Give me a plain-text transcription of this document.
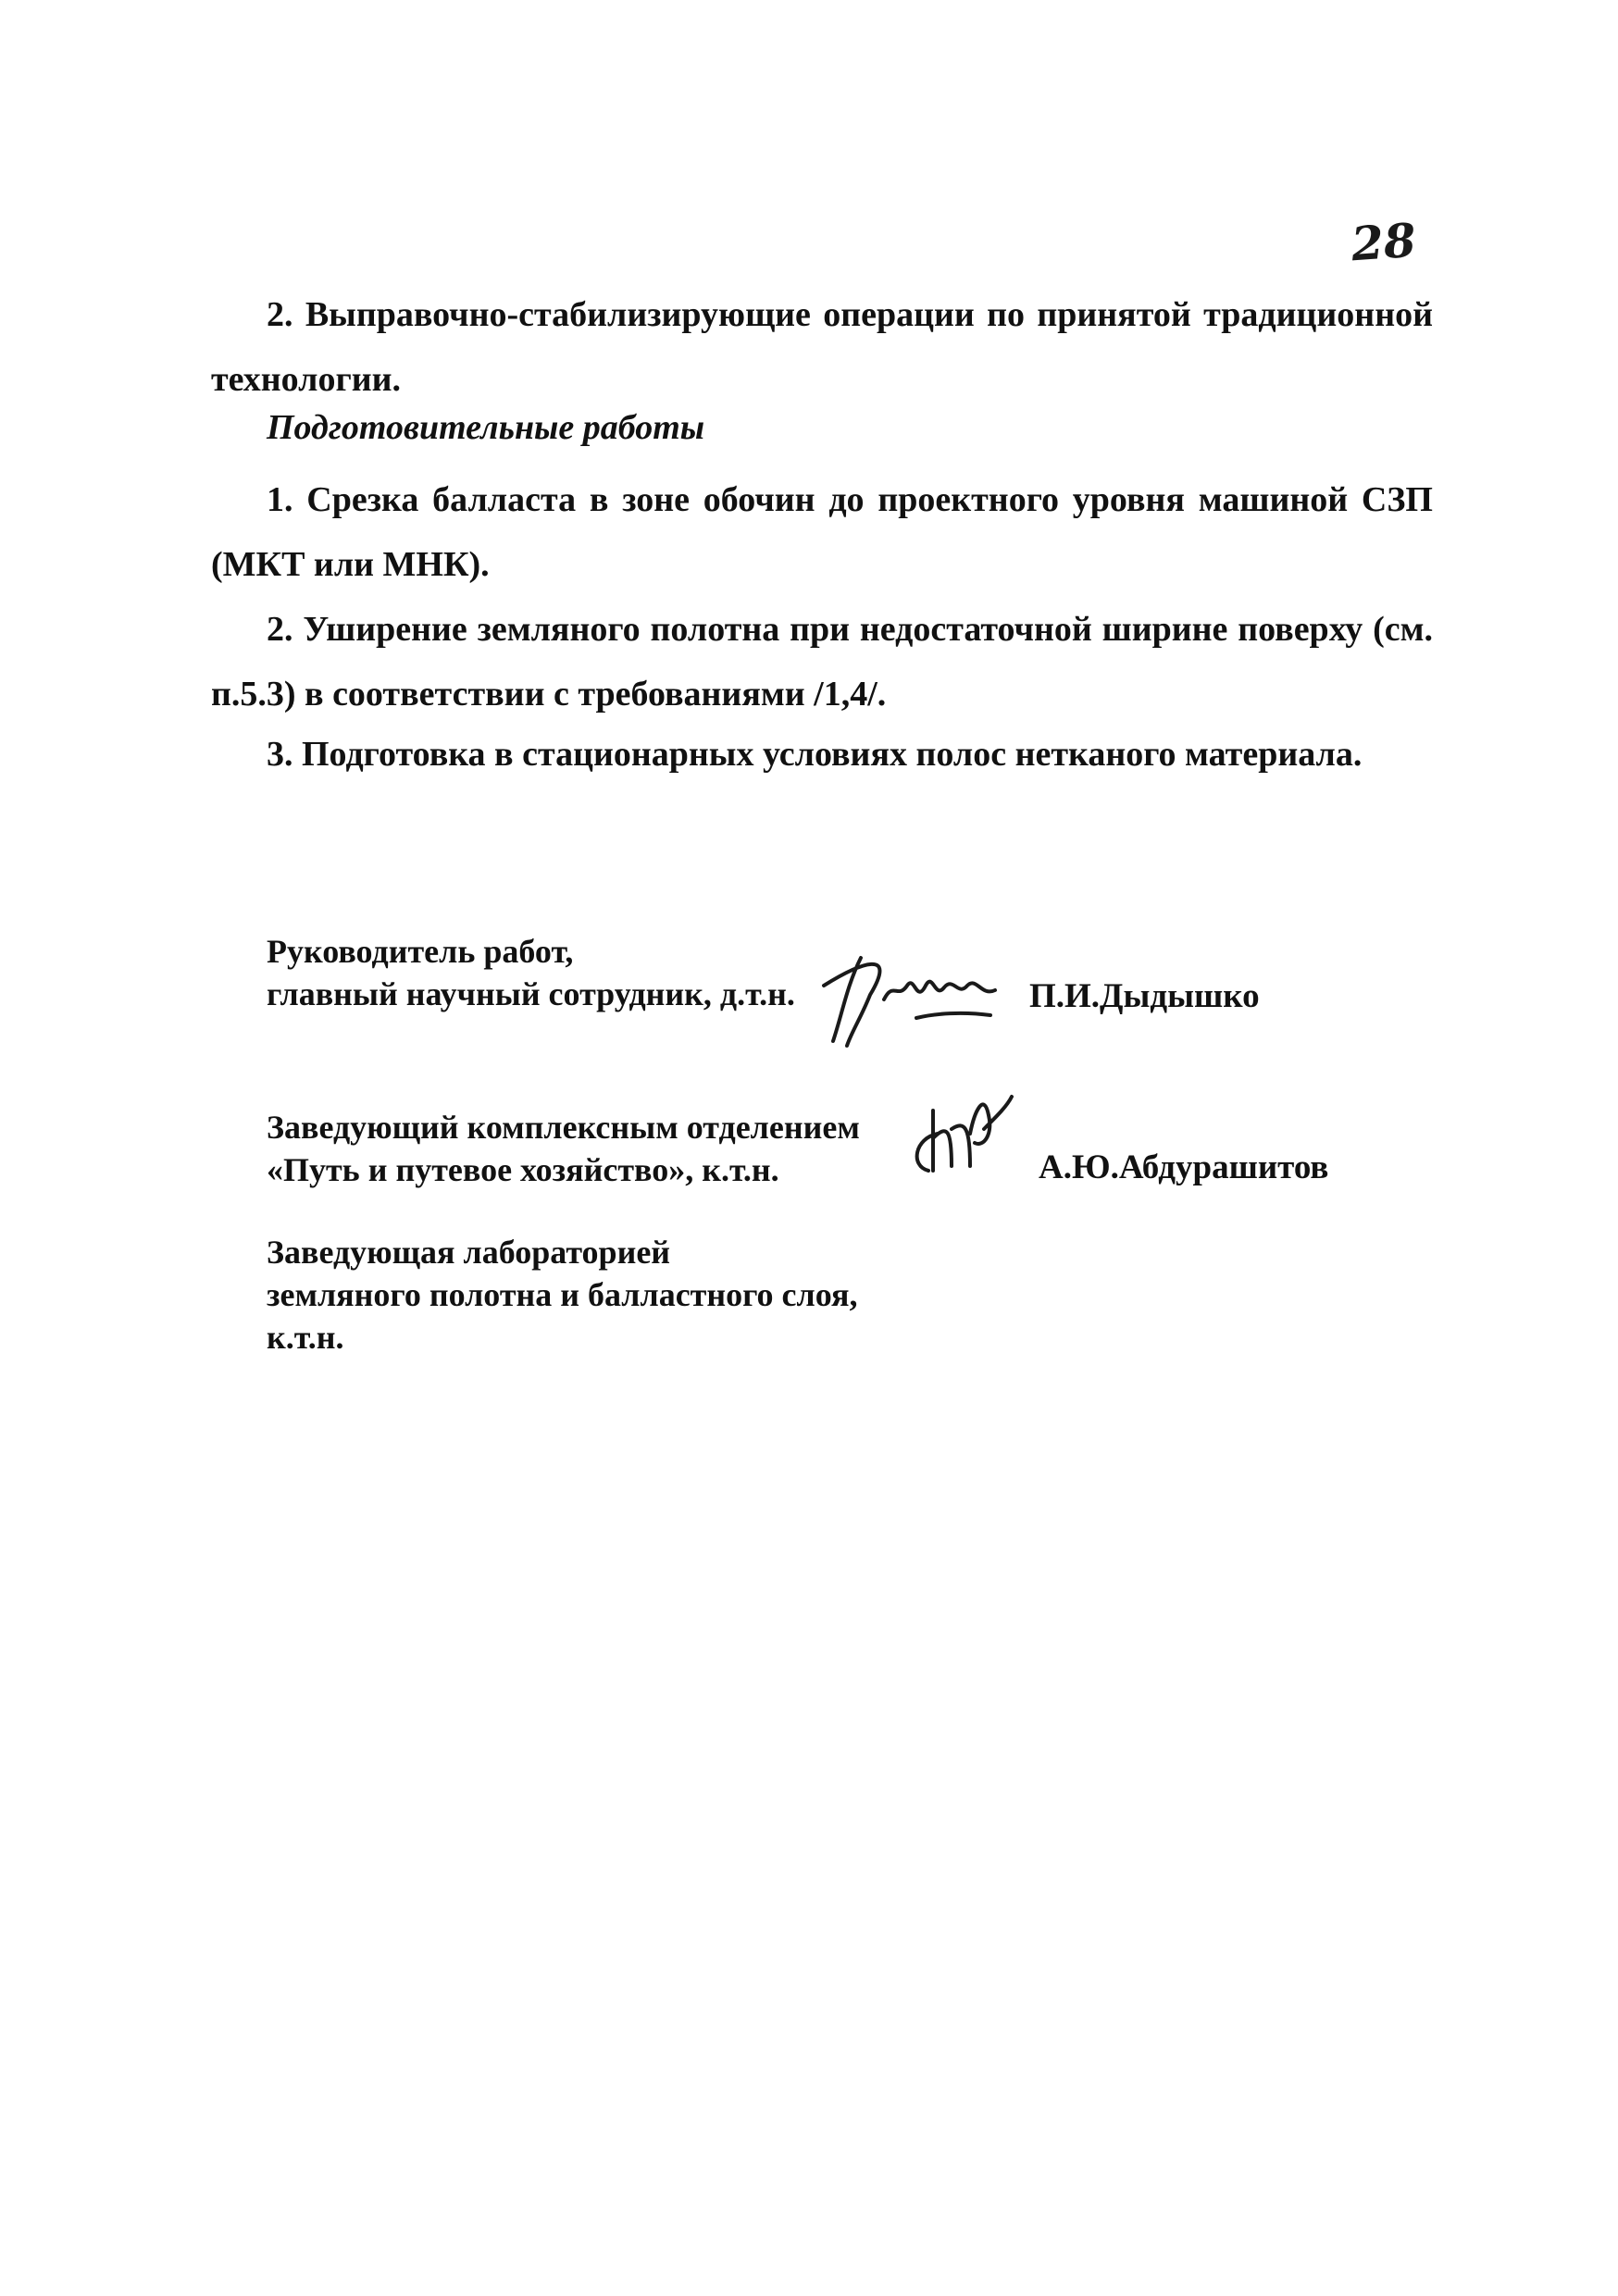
28

2. Выправочно-стабилизирующие операции по принятой традиционной технологии.

Подготовительные работы

1. Срезка балласта в зоне обочин до проектного уровня машиной СЗП (МКТ или МНК).

2. Уширение земляного полотна при недостаточной ширине поверху (см. п.5.3) в соответствии с требованиями /1,4/.

3. Подготовка в стационарных условиях полос нетканого материала.

Руководитель работ,
главный научный сотрудник, д.т.н.	П.И.Дыдышко
Заведующий комплексным отделением
«Путь и путевое хозяйство», к.т.н.	А.Ю.Абдурашитов
Заведующая лабораторией
земляного полотна и балластного слоя,
к.т.н.
